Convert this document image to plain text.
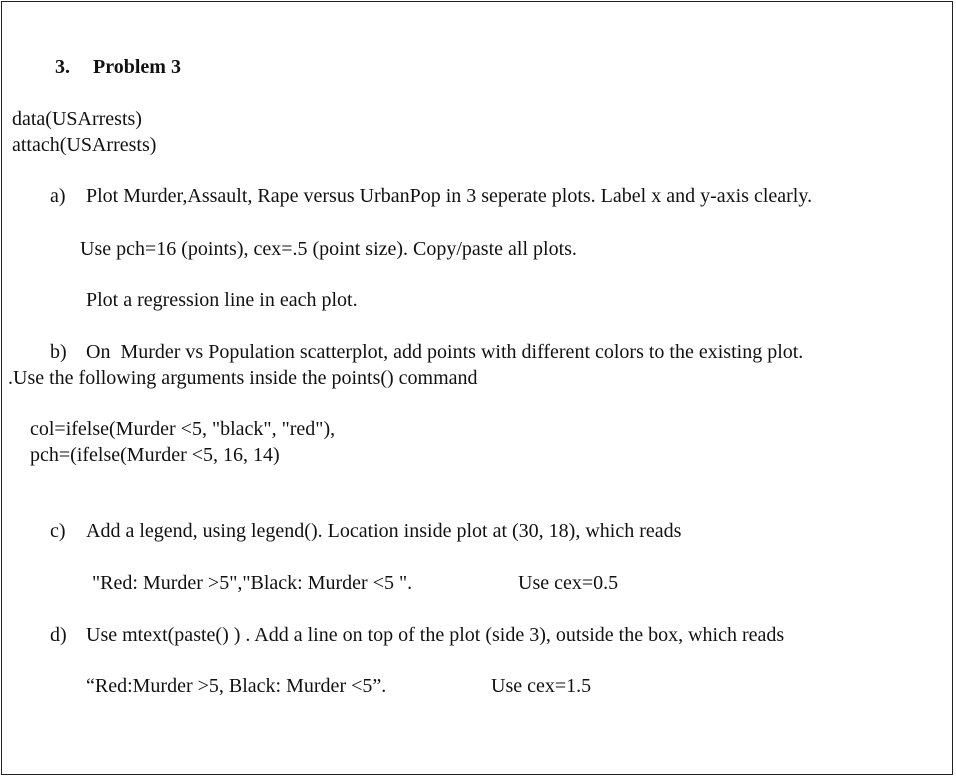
3. Problem 3
data(USArrests)
attach(USArrests)
a) Plot Murder,Assault, Rape versus UrbanPop in 3 seperate plots. Label x and y-axis clearly.
Use pch=16 (points), cex=.5 (point size). Copy/paste all plots.
Plot a regression line in each plot.
b) On  Murder vs Population scatterplot, add points with different colors to the existing plot.
.Use the following arguments inside the points() command
col=ifelse(Murder <5, "black", "red"),
pch=(ifelse(Murder <5, 16, 14)
c) Add a legend, using legend(). Location inside plot at (30, 18), which reads
"Red: Murder >5","Black: Murder <5 ".	Use cex=0.5
d) Use mtext(paste() ) . Add a line on top of the plot (side 3), outside the box, which reads
“Red:Murder >5, Black: Murder <5”.	Use cex=1.5
